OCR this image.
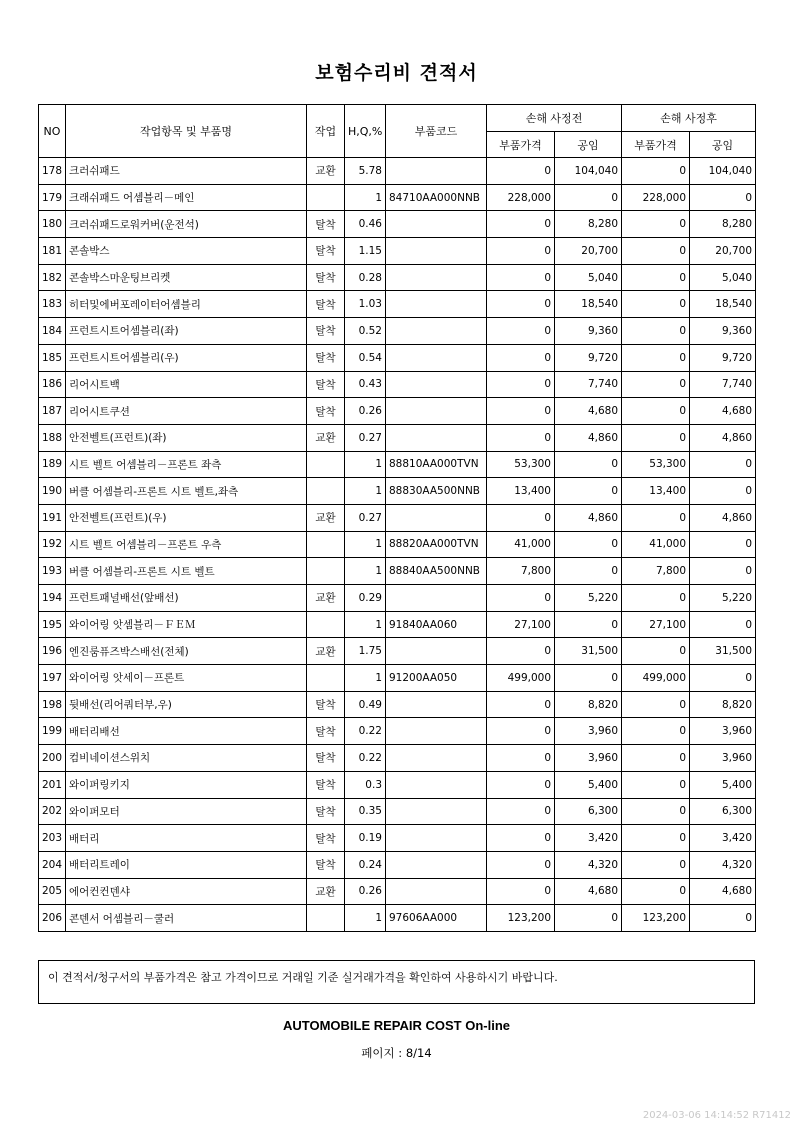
보험수리비 견적서
NO	작업항목 및 부품명	작업	H,Q,%	부품코드	손해 사정전		손해 사정후	
					부품가격	공임	부품가격	공임
178	크러쉬패드	교환	5.78		0	104,040	0	104,040
179	크래쉬패드 어셈블리－메인		1	84710AA000NNB	228,000	0	228,000	0
180	크러쉬패드로워커버(운전석)	탈착	0.46		0	8,280	0	8,280
181	콘솔박스	탈착	1.15		0	20,700	0	20,700
182	콘솔박스마운팅브리켓	탈착	0.28		0	5,040	0	5,040
183	히터및에버포레이터어셈블리	탈착	1.03		0	18,540	0	18,540
184	프런트시트어셈블리(좌)	탈착	0.52		0	9,360	0	9,360
185	프런트시트어셈블리(우)	탈착	0.54		0	9,720	0	9,720
186	리어시트백	탈착	0.43		0	7,740	0	7,740
187	리어시트쿠션	탈착	0.26		0	4,680	0	4,680
188	안전벨트(프런트)(좌)	교환	0.27		0	4,860	0	4,860
189	시트 벨트 어셈블리－프론트 좌측		1	88810AA000TVN	53,300	0	53,300	0
190	버클 어셈블리-프론트 시트 벨트,좌측		1	88830AA500NNB	13,400	0	13,400	0
191	안전벨트(프런트)(우)	교환	0.27		0	4,860	0	4,860
192	시트 벨트 어셈블리－프론트 우측		1	88820AA000TVN	41,000	0	41,000	0
193	버클 어셈블리-프론트 시트 벨트		1	88840AA500NNB	7,800	0	7,800	0
194	프런트패널배선(앞배선)	교환	0.29		0	5,220	0	5,220
195	와이어링 앗셈블리－ＦＥＭ		1	91840AA060	27,100	0	27,100	0
196	엔진룸퓨즈박스배선(전체)	교환	1.75		0	31,500	0	31,500
197	와이어링 앗세이－프론트		1	91200AA050	499,000	0	499,000	0
198	뒷배선(리어쿼터부,우)	탈착	0.49		0	8,820	0	8,820
199	배터리배선	탈착	0.22		0	3,960	0	3,960
200	컴비네이션스위치	탈착	0.22		0	3,960	0	3,960
201	와이퍼링키지	탈착	0.3		0	5,400	0	5,400
202	와이퍼모터	탈착	0.35		0	6,300	0	6,300
203	배터리	탈착	0.19		0	3,420	0	3,420
204	배터리트레이	탈착	0.24		0	4,320	0	4,320
205	에어컨컨덴샤	교환	0.26		0	4,680	0	4,680
206	콘덴서 어셈블리－쿨러		1	97606AA000	123,200	0	123,200	0
이 견적서/청구서의 부품가격은 참고 가격이므로 거래일 기준 실거래가격을 확인하여 사용하시기 바랍니다.
AUTOMOBILE REPAIR COST On-line
페이지 : 8/14
2024-03-06 14:14:52 R71412
